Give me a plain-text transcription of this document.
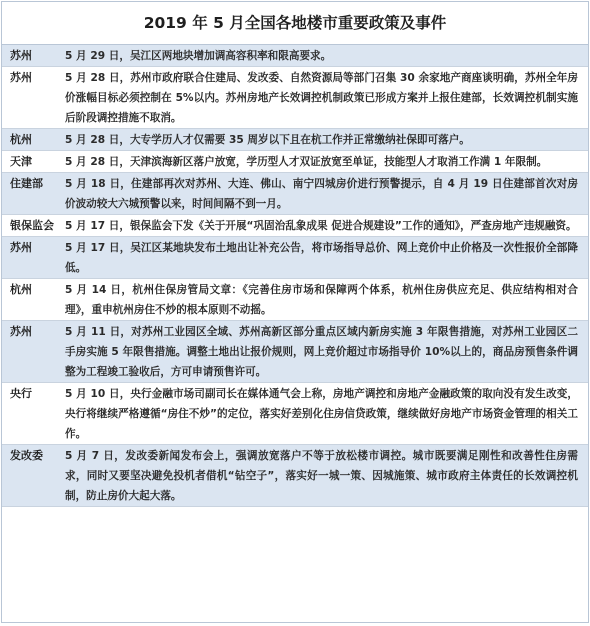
2019 年 5 月全国各地楼市重要政策及事件
苏州	5 月 29 日，吴江区两地块增加调高容积率和限高要求。
苏州	5 月 28 日，苏州市政府联合住建局、发改委、自然资源局等部门召集 30 余家地产商座谈明确，苏州全年房价涨幅目标必须控制在 5%以内。苏州房地产长效调控机制政策已形成方案并上报住建部，长效调控机制实施后阶段调控措施不取消。
杭州	5 月 28 日，大专学历人才仅需要 35 周岁以下且在杭工作并正常缴纳社保即可落户。
天津	5 月 28 日，天津滨海新区落户放宽，学历型人才双证放宽至单证，技能型人才取消工作满 1 年限制。
住建部	5 月 18 日，住建部再次对苏州、大连、佛山、南宁四城房价进行预警提示，自 4 月 19 日住建部首次对房价波动较大六城预警以来，时间间隔不到一月。
银保监会	5 月 17 日，银保监会下发《关于开展“巩固治乱象成果 促进合规建设”工作的通知》，严查房地产违规融资。
苏州	5 月 17 日，吴江区某地块发布土地出让补充公告，将市场指导总价、网上竞价中止价格及一次性报价全部降低。
杭州	5 月 14 日，杭州住保房管局文章：《完善住房市场和保障两个体系，杭州住房供应充足、供应结构相对合理》，重申杭州房住不炒的根本原则不动摇。
苏州	5 月 11 日，对苏州工业园区全域、苏州高新区部分重点区域内新房实施 3 年限售措施，对苏州工业园区二手房实施 5 年限售措施。调整土地出让报价规则，网上竞价超过市场指导价 10%以上的，商品房预售条件调整为工程竣工验收后，方可申请预售许可。
央行	5 月 10 日，央行金融市场司副司长在媒体通气会上称，房地产调控和房地产金融政策的取向没有发生改变，央行将继续严格遵循“房住不炒”的定位，落实好差别化住房信贷政策，继续做好房地产市场资金管理的相关工作。
发改委	5 月 7 日，发改委新闻发布会上，强调放宽落户不等于放松楼市调控。城市既要满足刚性和改善性住房需求，同时又要坚决避免投机者借机“钻空子”，落实好一城一策、因城施策、城市政府主体责任的长效调控机制，防止房价大起大落。
